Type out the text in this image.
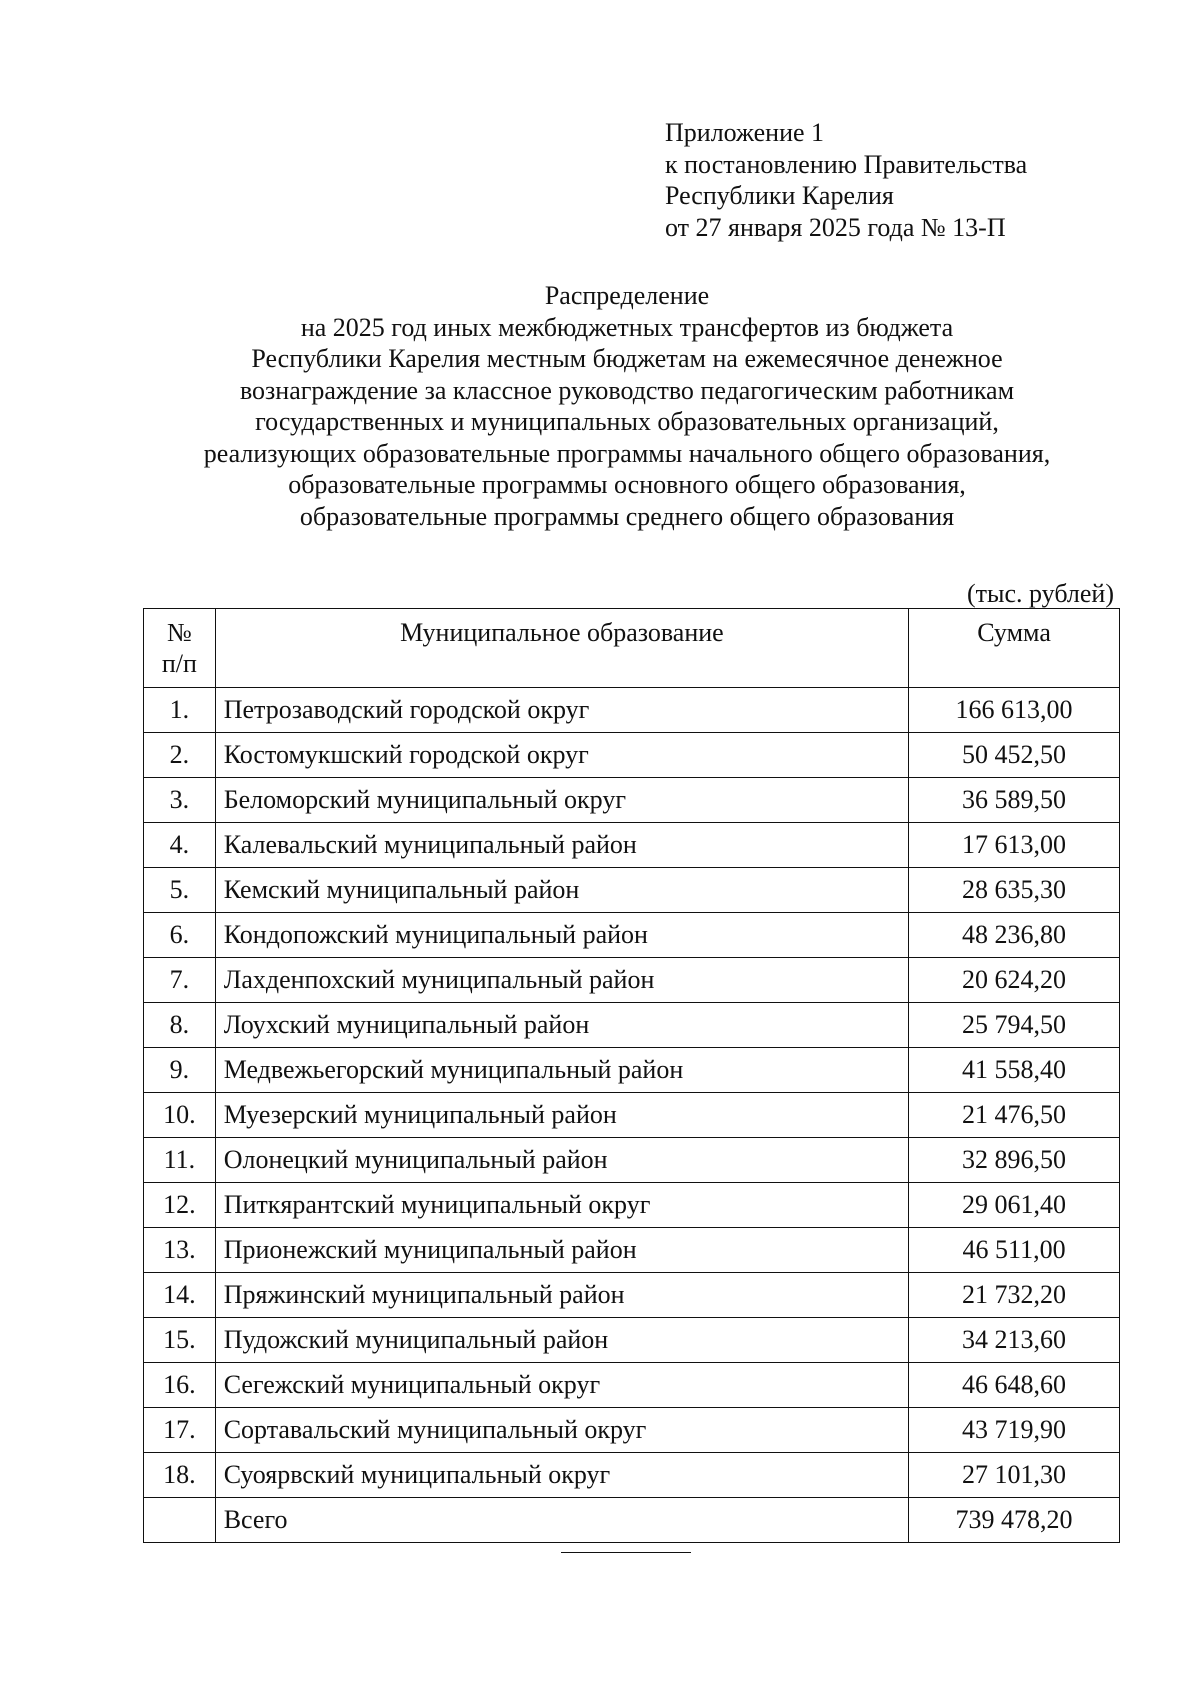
Приложение 1
к постановлению Правительства
Республики Карелия
от 27 января 2025 года № 13-П
Распределение
на 2025 год иных межбюджетных трансфертов из бюджета
Республики Карелия местным бюджетам на ежемесячное денежное
вознаграждение за классное руководство педагогическим работникам
государственных и муниципальных образовательных организаций,
реализующих образовательные программы начального общего образования,
образовательные программы основного общего образования,
образовательные программы среднего общего образования
(тыс. рублей)
№
п/п	Муниципальное образование	Сумма
1.	Петрозаводский городской округ	166 613,00
2.	Костомукшский городской округ	50 452,50
3.	Беломорский муниципальный округ	36 589,50
4.	Калевальский муниципальный район	17 613,00
5.	Кемский муниципальный район	28 635,30
6.	Кондопожский муниципальный район	48 236,80
7.	Лахденпохский муниципальный район	20 624,20
8.	Лоухский муниципальный район	25 794,50
9.	Медвежьегорский муниципальный район	41 558,40
10.	Муезерский муниципальный район	21 476,50
11.	Олонецкий муниципальный район	32 896,50
12.	Питкярантский муниципальный округ	29 061,40
13.	Прионежский муниципальный район	46 511,00
14.	Пряжинский муниципальный район	21 732,20
15.	Пудожский муниципальный район	34 213,60
16.	Сегежский муниципальный округ	46 648,60
17.	Сортавальский муниципальный округ	43 719,90
18.	Суоярвский муниципальный округ	27 101,30
	Всего	739 478,20
